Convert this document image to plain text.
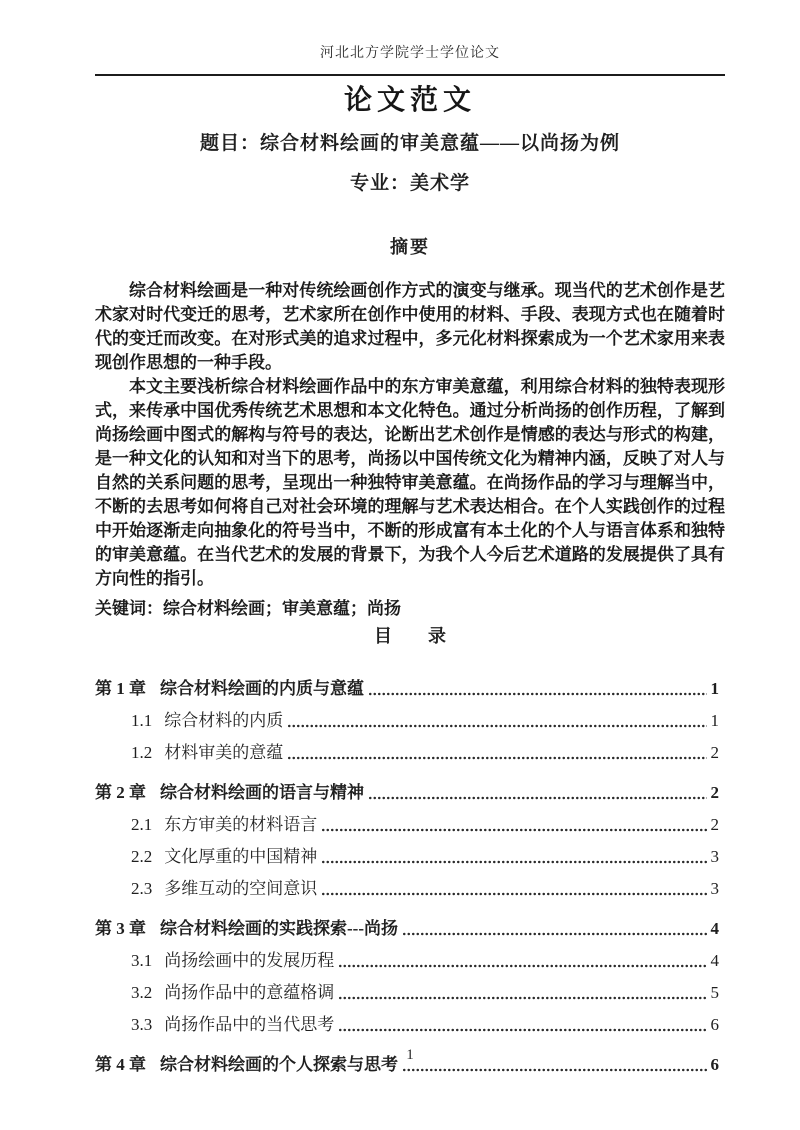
河北北方学院学士学位论文
论文范文
题目：综合材料绘画的审美意蕴——以尚扬为例
专业：美术学
摘要

综合材料绘画是一种对传统绘画创作方式的演变与继承。现当代的艺术创作是艺术家对时代变迁的思考，艺术家所在创作中使用的材料、手段、表现方式也在随着时代的变迁而改变。在对形式美的追求过程中，多元化材料探索成为一个艺术家用来表现创作思想的一种手段。

本文主要浅析综合材料绘画作品中的东方审美意蕴，利用综合材料的独特表现形式，来传承中国优秀传统艺术思想和本文化特色。通过分析尚扬的创作历程，了解到尚扬绘画中图式的解构与符号的表达，论断出艺术创作是情感的表达与形式的构建，是一种文化的认知和对当下的思考，尚扬以中国传统文化为精神内涵，反映了对人与自然的关系问题的思考，呈现出一种独特审美意蕴。在尚扬作品的学习与理解当中，不断的去思考如何将自己对社会环境的理解与艺术表达相合。在个人实践创作的过程中开始逐渐走向抽象化的符号当中，不断的形成富有本土化的个人与语言体系和独特的审美意蕴。在当代艺术的发展的背景下，为我个人今后艺术道路的发展提供了具有方向性的指引。

关键词：综合材料绘画；审美意蕴；尚扬
目　　录
第 1 章 综合材料绘画的内质与意蕴	1
1.1 综合材料的内质	1
1.2 材料审美的意蕴	2
第 2 章 综合材料绘画的语言与精神	2
2.1 东方审美的材料语言	2
2.2 文化厚重的中国精神	3
2.3 多维互动的空间意识	3
第 3 章 综合材料绘画的实践探索---尚扬	4
3.1 尚扬绘画中的发展历程	4
3.2 尚扬作品中的意蕴格调	5
3.3 尚扬作品中的当代思考	6
第 4 章 综合材料绘画的个人探索与思考	6
1
